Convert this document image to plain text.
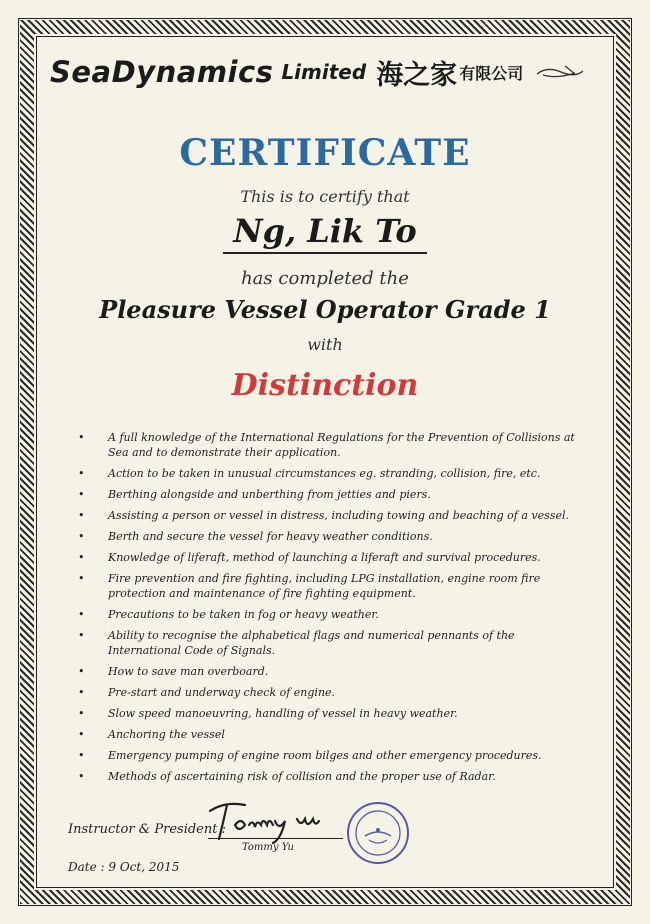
SeaDynamics Limited 海之家 有限公司
CERTIFICATE
This is to certify that
Ng, Lik To
has completed the
Pleasure Vessel Operator Grade 1
with
Distinction
• A full knowledge of the International Regulations for the Prevention of Collisions at Sea and to demonstrate their application.
• Action to be taken in unusual circumstances eg. stranding, collision, fire, etc.
• Berthing alongside and unberthing from jetties and piers.
• Assisting a person or vessel in distress, including towing and beaching of a vessel.
• Berth and secure the vessel for heavy weather conditions.
• Knowledge of liferaft, method of launching a liferaft and survival procedures.
• Fire prevention and fire fighting, including LPG installation, engine room fire protection and maintenance of fire fighting equipment.
• Precautions to be taken in fog or heavy weather.
• Ability to recognise the alphabetical flags and numerical pennants of the International Code of Signals.
• How to save man overboard.
• Pre-start and underway check of engine.
• Slow speed manoeuvring, handling of vessel in heavy weather.
• Anchoring the vessel
• Emergency pumping of engine room bilges and other emergency procedures.
• Methods of ascertaining risk of collision and the proper use of Radar.
Instructor & President :
Tommy Yu
Date : 9 Oct, 2015
